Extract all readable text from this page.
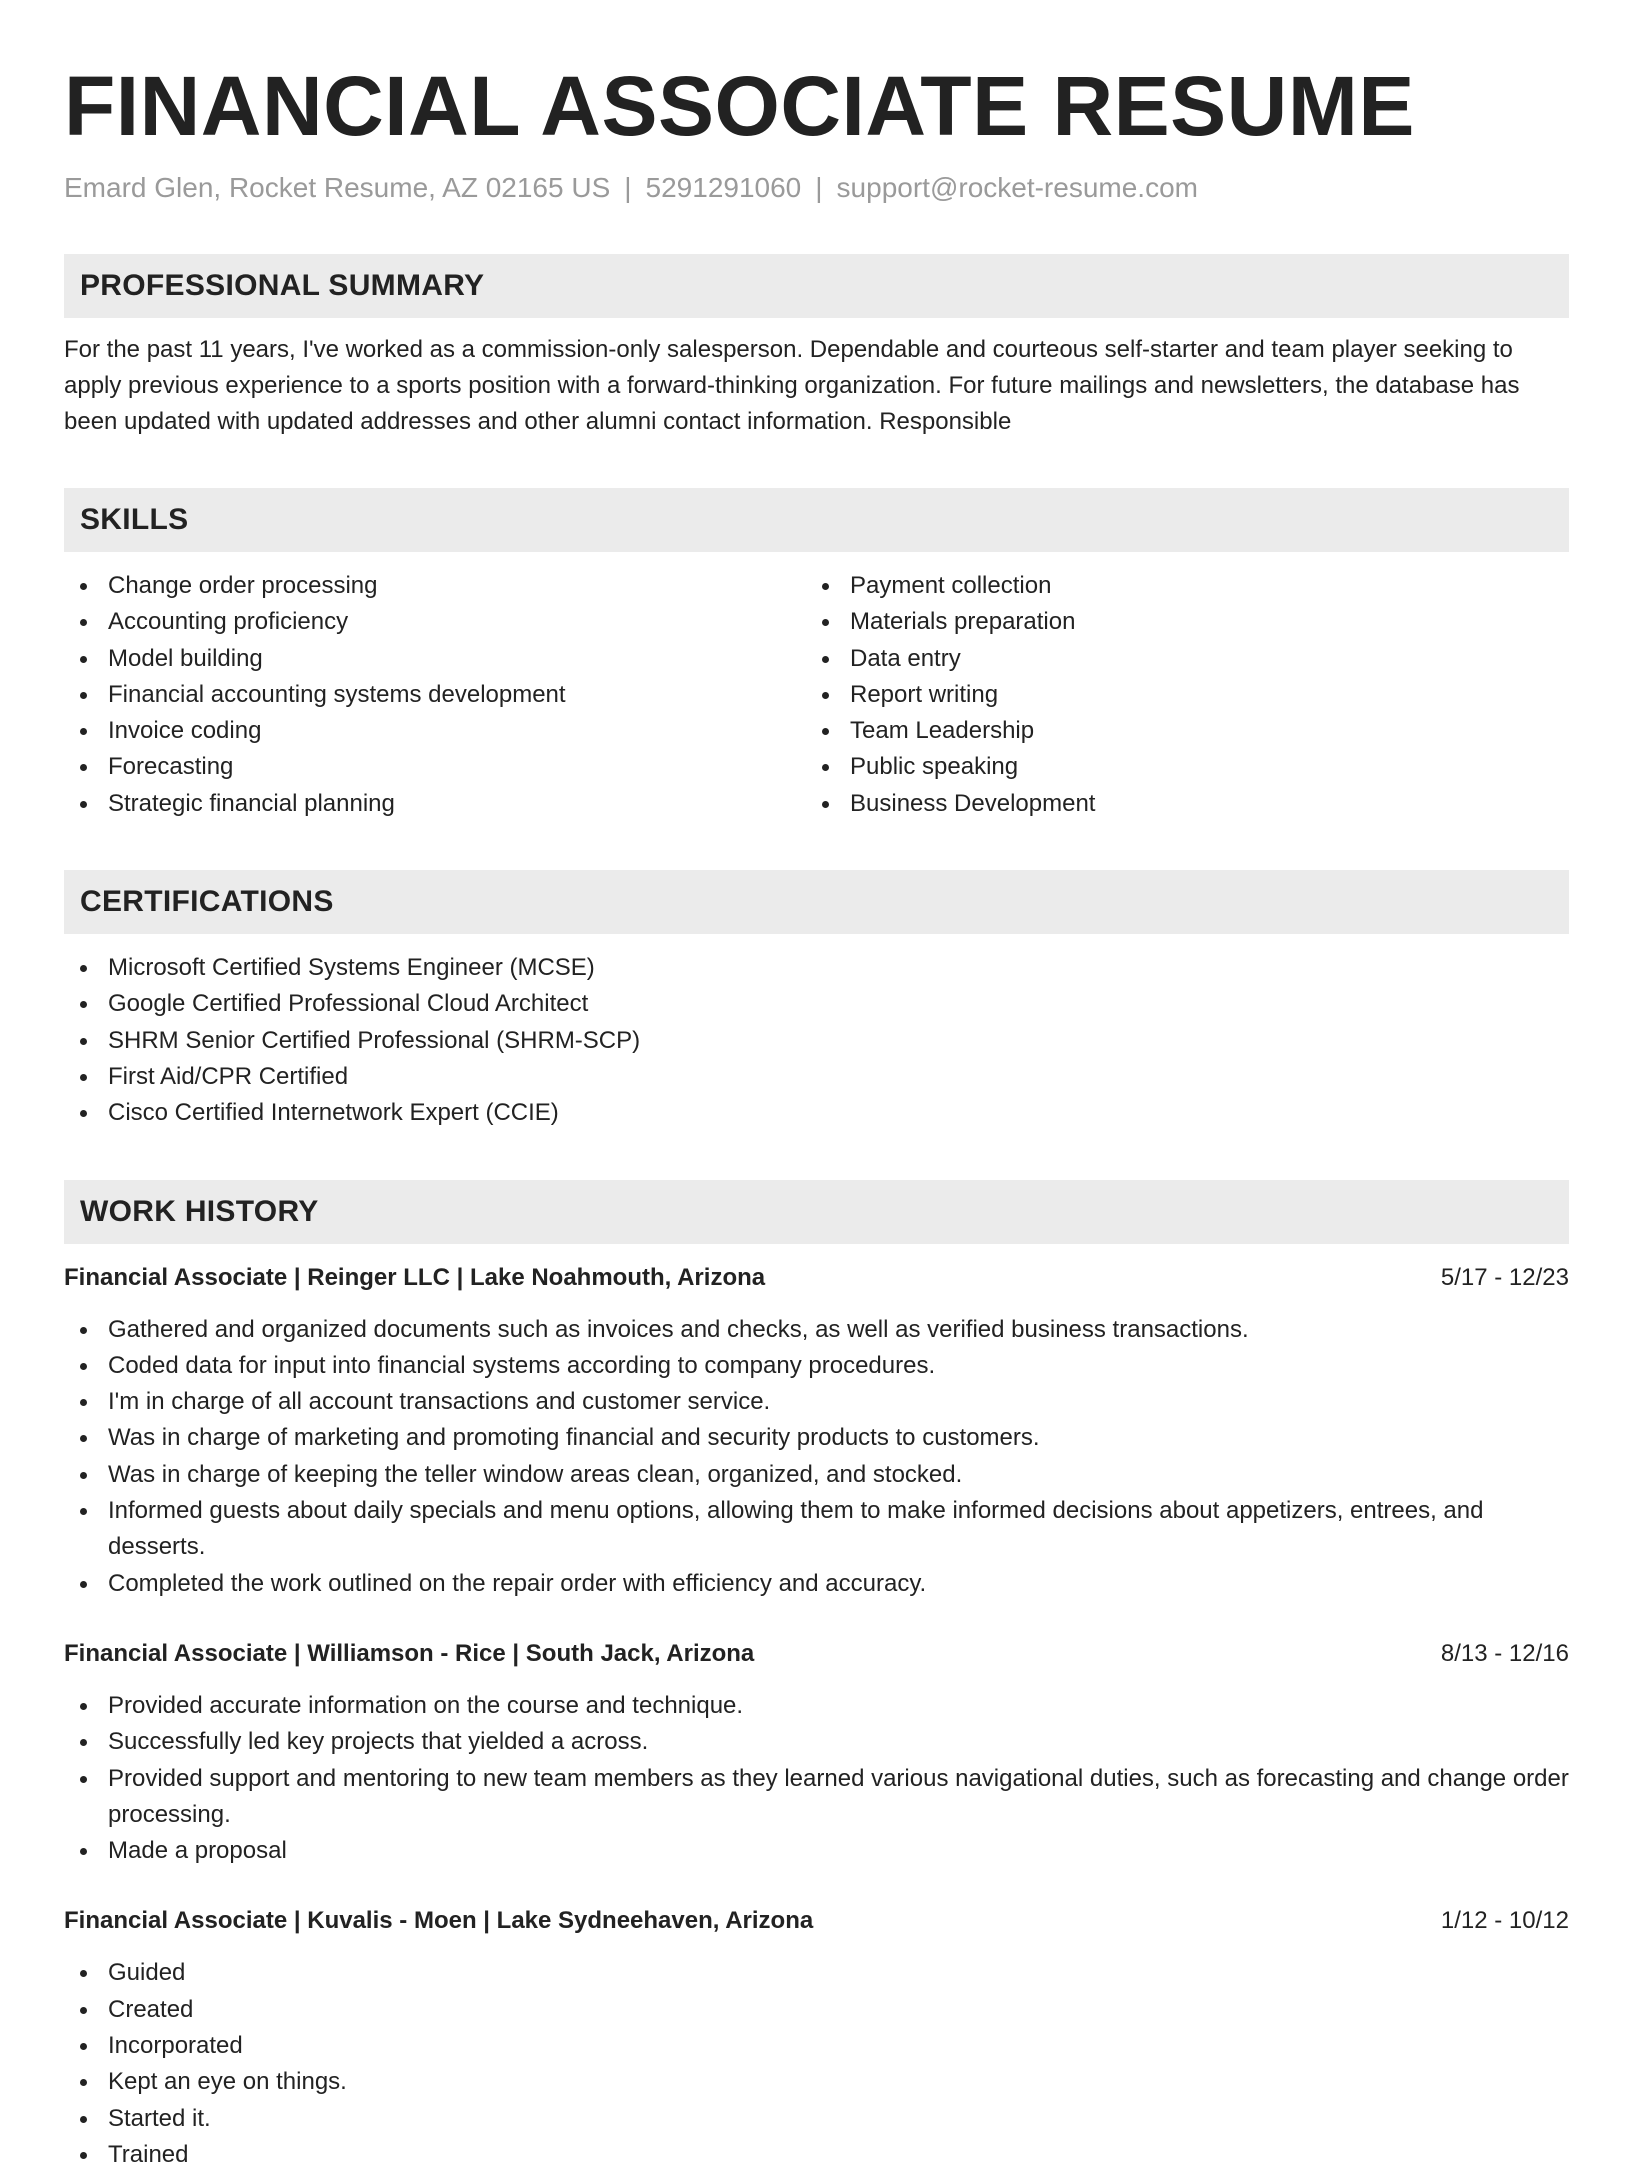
FINANCIAL ASSOCIATE RESUME
Emard Glen, Rocket Resume, AZ 02165 US | 5291291060 | support@rocket-resume.com
PROFESSIONAL SUMMARY

For the past 11 years, I've worked as a commission-only salesperson. Dependable and courteous self-starter and team player seeking to apply previous experience to a sports position with a forward-thinking organization. For future mailings and newsletters, the database has been updated with updated addresses and other alumni contact information. Responsible

SKILLS
Change order processing
Accounting proficiency
Model building
Financial accounting systems development
Invoice coding
Forecasting
Strategic financial planning
Payment collection
Materials preparation
Data entry
Report writing
Team Leadership
Public speaking
Business Development
CERTIFICATIONS
Microsoft Certified Systems Engineer (MCSE)
Google Certified Professional Cloud Architect
SHRM Senior Certified Professional (SHRM-SCP)
First Aid/CPR Certified
Cisco Certified Internetwork Expert (CCIE)
WORK HISTORY
Financial Associate | Reinger LLC | Lake Noahmouth, Arizona	5/17 - 12/23
Gathered and organized documents such as invoices and checks, as well as verified business transactions.
Coded data for input into financial systems according to company procedures.
I'm in charge of all account transactions and customer service.
Was in charge of marketing and promoting financial and security products to customers.
Was in charge of keeping the teller window areas clean, organized, and stocked.
Informed guests about daily specials and menu options, allowing them to make informed decisions about appetizers, entrees, and desserts.
Completed the work outlined on the repair order with efficiency and accuracy.
Financial Associate | Williamson - Rice | South Jack, Arizona	8/13 - 12/16
Provided accurate information on the course and technique.
Successfully led key projects that yielded a across.
Provided support and mentoring to new team members as they learned various navigational duties, such as forecasting and change order processing.
Made a proposal
Financial Associate | Kuvalis - Moen | Lake Sydneehaven, Arizona	1/12 - 10/12
Guided
Created
Incorporated
Kept an eye on things.
Started it.
Trained
